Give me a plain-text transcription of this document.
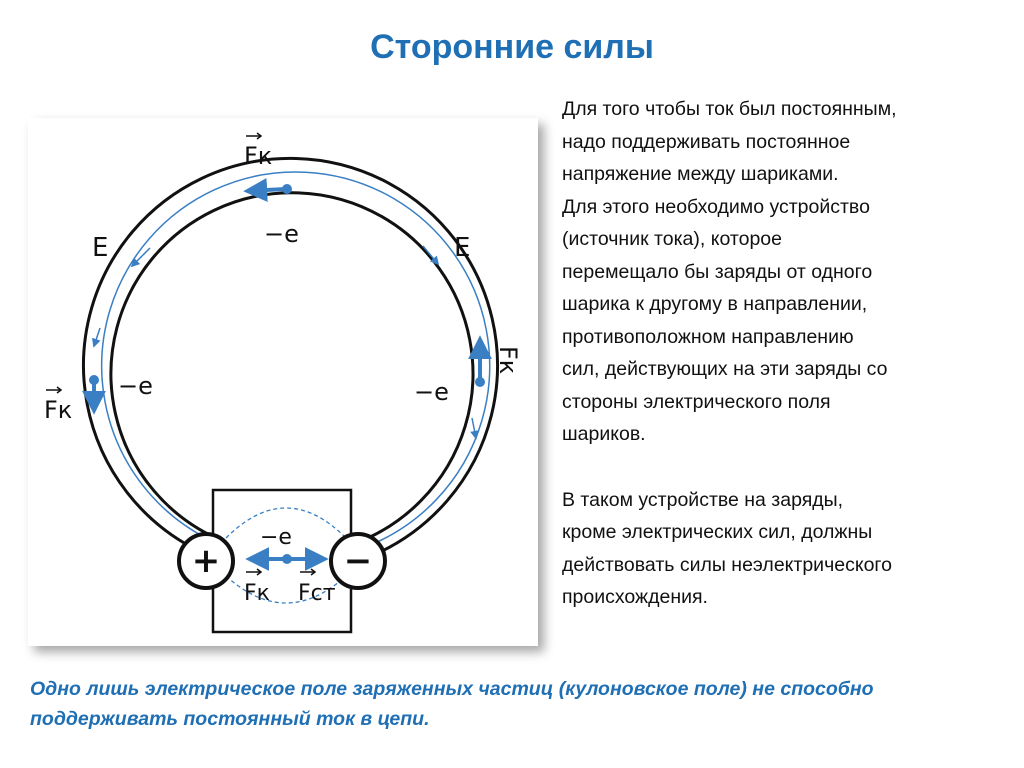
Сторонние силы
+	−
E	E
−e
−e	−e
−e
Fк
Fк
Fк
Fк Fст

Для того чтобы ток был постоянным,
надо поддерживать постоянное
напряжение между шариками.
Для этого необходимо устройство
(источник тока), которое
перемещало бы заряды от одного
шарика к другому в направлении,
противоположном направлению
сил, действующих на эти заряды со
стороны электрического поля
шариков.

В таком устройстве на заряды,
кроме электрических сил, должны
действовать силы неэлектрического
происхождения.

Одно лишь электрическое поле заряженных частиц (кулоновское поле) не способно поддерживать постоянный ток в цепи.
